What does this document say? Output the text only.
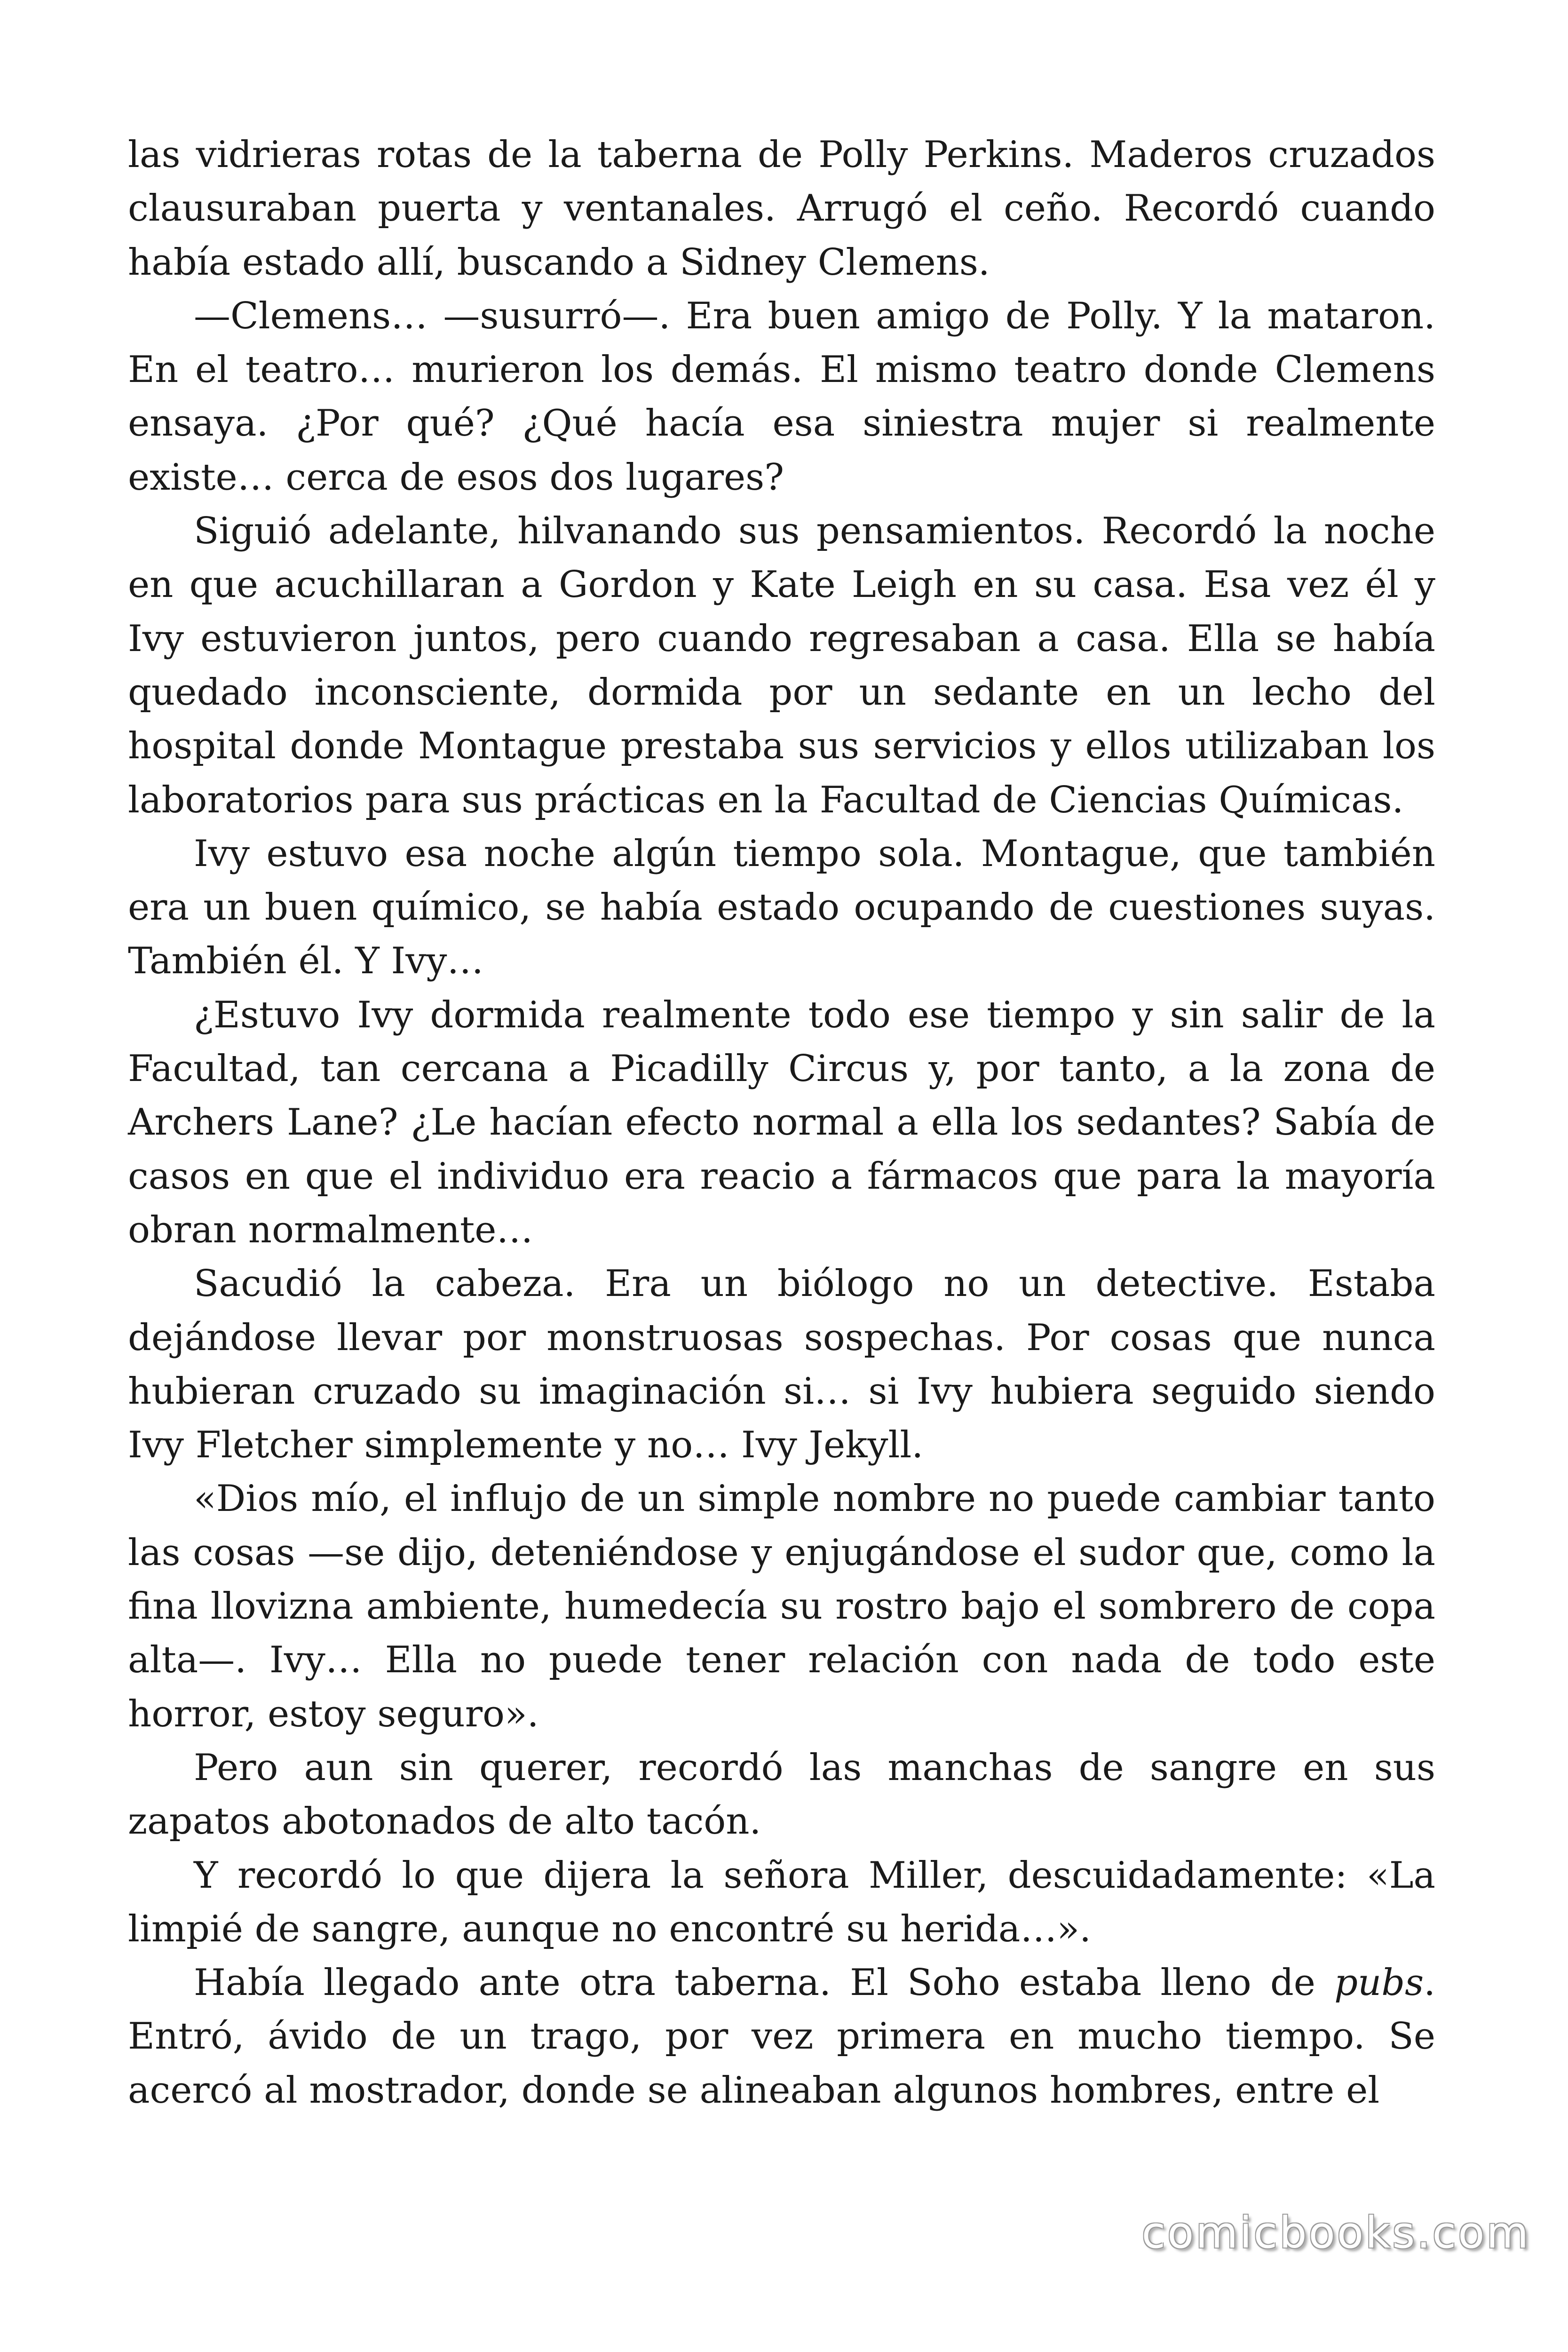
las vidrieras rotas de la taberna de Polly Perkins. Maderos cruzados clausuraban puerta y ventanales. Arrugó el ceño. Recordó cuando había estado allí, buscando a Sidney Clemens.

—Clemens… —susurró—. Era buen amigo de Polly. Y la mataron. En el teatro… murieron los demás. El mismo teatro donde Clemens ensaya. ¿Por qué? ¿Qué hacía esa siniestra mujer si realmente existe… cerca de esos dos lugares?

Siguió adelante, hilvanando sus pensamientos. Recordó la noche en que acuchillaran a Gordon y Kate Leigh en su casa. Esa vez él y Ivy estuvieron juntos, pero cuando regresaban a casa. Ella se había quedado inconsciente, dormida por un sedante en un lecho del hospital donde Montague prestaba sus servicios y ellos utilizaban los laboratorios para sus prácticas en la Facultad de Ciencias Químicas.

Ivy estuvo esa noche algún tiempo sola. Montague, que también era un buen químico, se había estado ocupando de cuestiones suyas. También él. Y Ivy…

¿Estuvo Ivy dormida realmente todo ese tiempo y sin salir de la Facultad, tan cercana a Picadilly Circus y, por tanto, a la zona de Archers Lane? ¿Le hacían efecto normal a ella los sedantes? Sabía de casos en que el individuo era reacio a fármacos que para la mayoría obran normalmente…

Sacudió la cabeza. Era un biólogo no un detective. Estaba dejándose llevar por monstruosas sospechas. Por cosas que nunca hubieran cruzado su imaginación si… si Ivy hubiera seguido siendo Ivy Fletcher simplemente y no… Ivy Jekyll.

«Dios mío, el influjo de un simple nombre no puede cambiar tanto las cosas —se dijo, deteniéndose y enjugándose el sudor que, como la fina llovizna ambiente, humedecía su rostro bajo el sombrero de copa alta—. Ivy… Ella no puede tener relación con nada de todo este horror, estoy seguro».

Pero aun sin querer, recordó las manchas de sangre en sus zapatos abotonados de alto tacón.

Y recordó lo que dijera la señora Miller, descuidadamente: «La limpié de sangre, aunque no encontré su herida…».

Había llegado ante otra taberna. El Soho estaba lleno de pubs. Entró, ávido de un trago, por vez primera en mucho tiempo. Se acercó al mostrador, donde se alineaban algunos hombres, entre el

comicbooks.com
